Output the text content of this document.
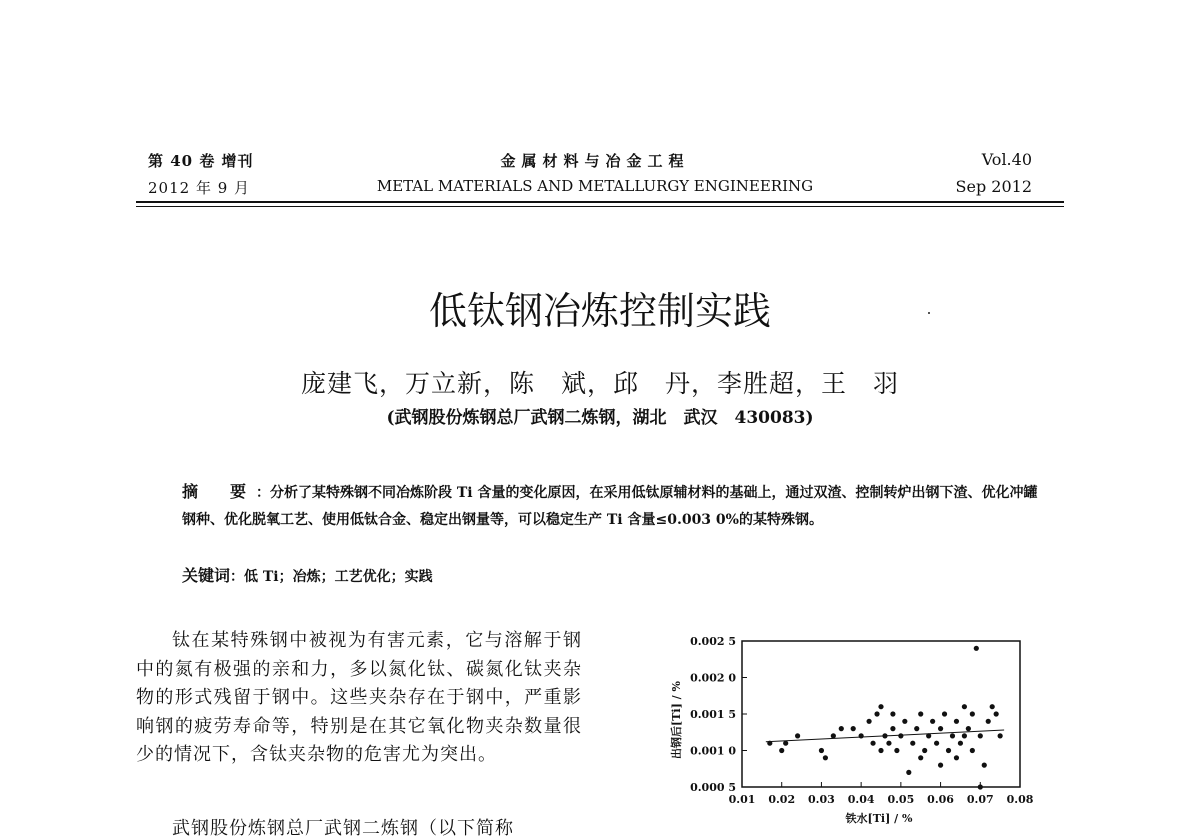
第 40 卷 增刊
2012 年 9 月
金属材料与冶金工程
METAL MATERIALS AND METALLURGY ENGINEERING
Vol.40
Sep 2012
低钛钢冶炼控制实践
庞建飞，万立新，陈　斌，邱　丹，李胜超，王　羽
(武钢股份炼钢总厂武钢二炼钢，湖北　武汉　430083)
摘　要 ：分析了某特殊钢不同冶炼阶段 Ti 含量的变化原因，在采用低钛原辅材料的基础上，通过双渣、控制转炉出钢下渣、优化冲罐钢种、优化脱氧工艺、使用低钛合金、稳定出钢量等，可以稳定生产 Ti 含量≤0.003 0%的某特殊钢。
关键词：低 Ti；冶炼；工艺优化；实践
钛在某特殊钢中被视为有害元素，它与溶解于钢中的氮有极强的亲和力，多以氮化钛、碳氮化钛夹杂物的形式残留于钢中。这些夹杂存在于钢中，严重影响钢的疲劳寿命等，特别是在其它氧化物夹杂数量很少的情况下，含钛夹杂物的危害尤为突出。
武钢股份炼钢总厂武钢二炼钢（以下简称
0.000 5
0.001 0
0.001 5
0.002 0
0.002 5
0.01 0.02 0.03 0.04 0.05 0.06 0.07 0.08
出钢后[Ti] / %
铁水[Ti] / %
